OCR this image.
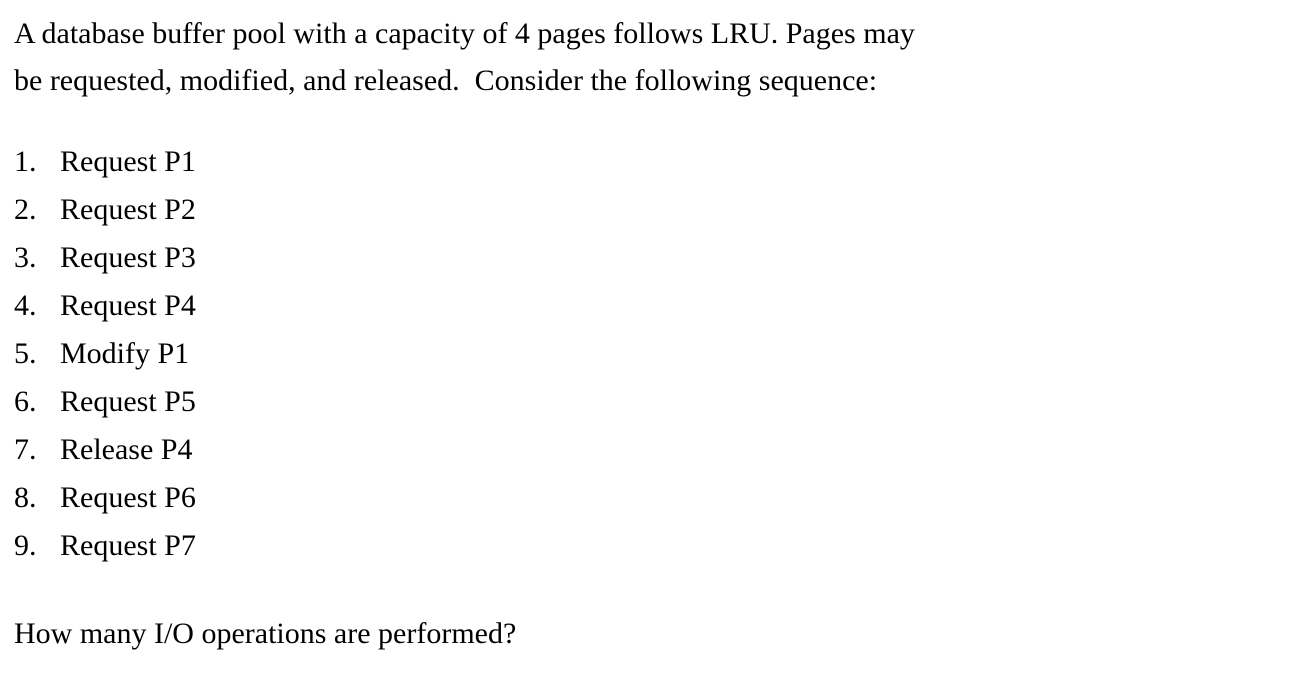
A database buffer pool with a capacity of 4 pages follows LRU. Pages may
be requested, modified, and released.  Consider the following sequence:

1. Request P1
2. Request P2
3. Request P3
4. Request P4
5. Modify P1
6. Request P5
7. Release P4
8. Request P6
9. Request P7

How many I/O operations are performed?
